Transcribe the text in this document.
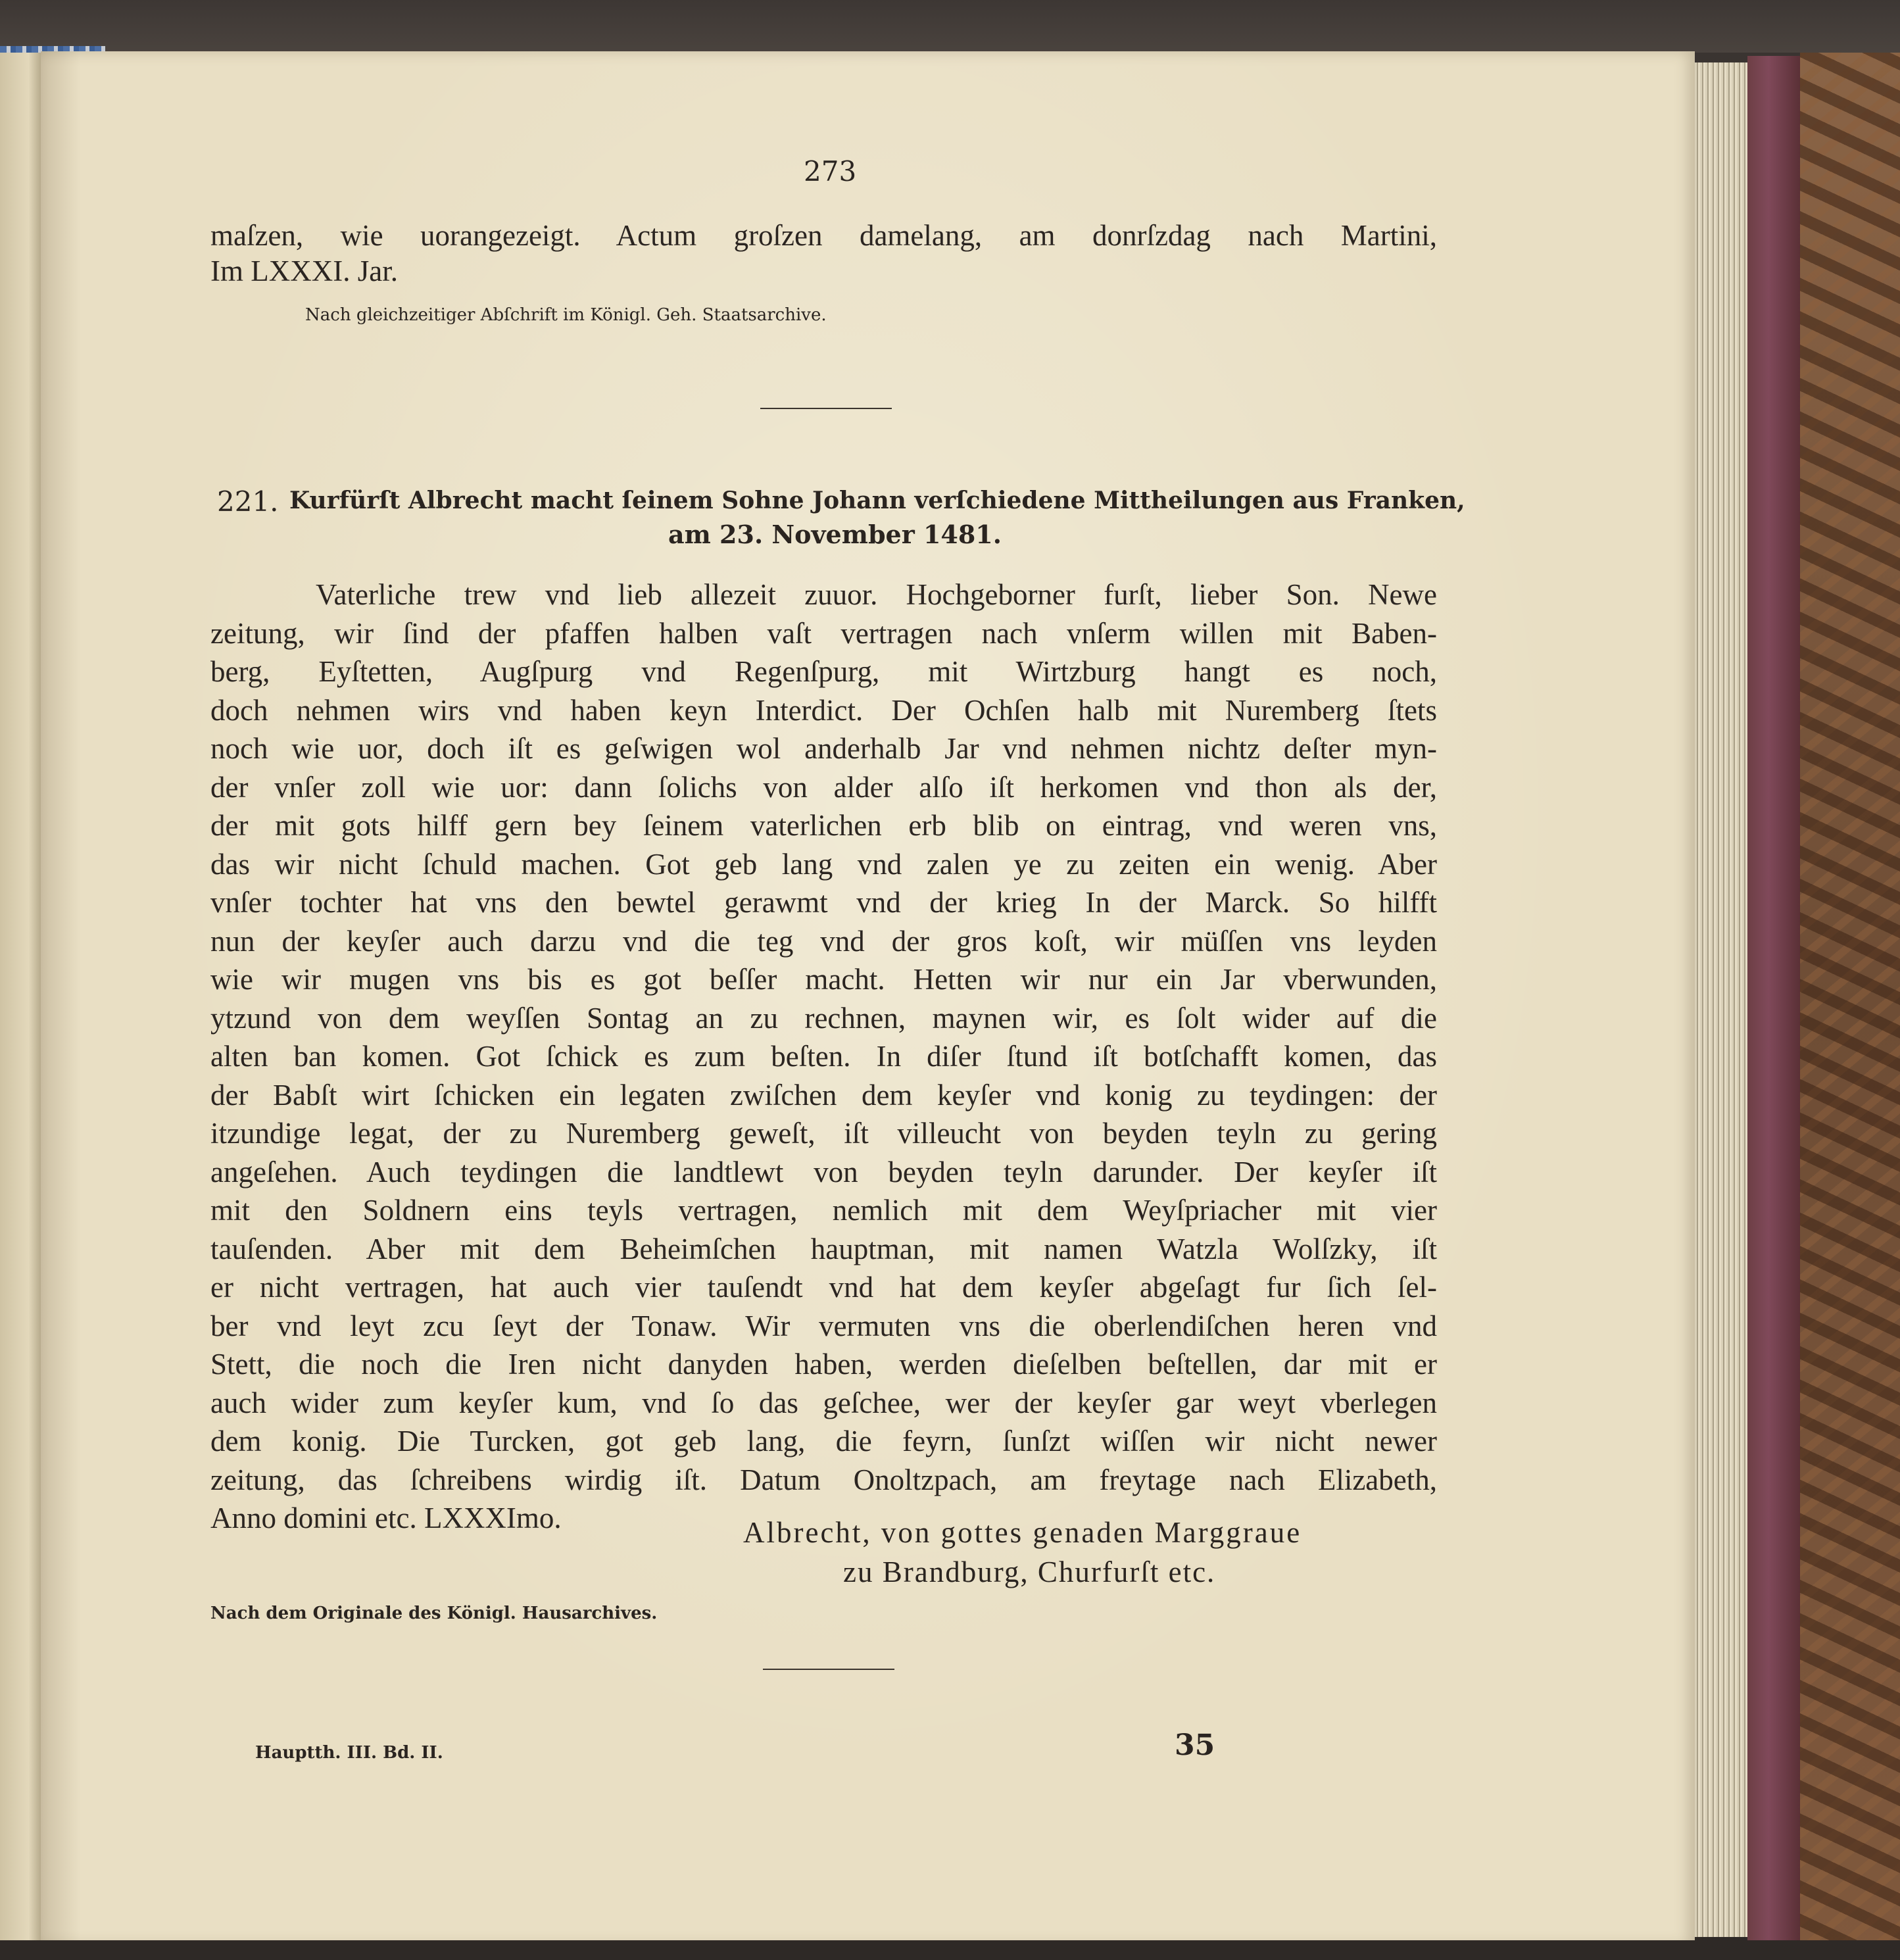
273
maſzen, wie uorangezeigt. Actum groſzen damelang, am donrſzdag nach Martini,
Im LXXXI. Jar.
Nach gleichzeitiger Abſchrift im Königl. Geh. Staatsarchive.
221. Kurfürſt Albrecht macht ſeinem Sohne Johann verſchiedene Mittheilungen aus Franken,
am 23. November 1481.
Vaterliche trew vnd lieb allezeit zuuor. Hochgeborner furſt, lieber Son. Newe
zeitung, wir ſind der pfaffen halben vaſt vertragen nach vnſerm willen mit Baben-
berg, Eyſtetten, Augſpurg vnd Regenſpurg, mit Wirtzburg hangt es noch,
doch nehmen wirs vnd haben keyn Interdict. Der Ochſen halb mit Nuremberg ſtets
noch wie uor, doch iſt es geſwigen wol anderhalb Jar vnd nehmen nichtz deſter myn-
der vnſer zoll wie uor: dann ſolichs von alder alſo iſt herkomen vnd thon als der,
der mit gots hilff gern bey ſeinem vaterlichen erb blib on eintrag, vnd weren vns,
das wir nicht ſchuld machen. Got geb lang vnd zalen ye zu zeiten ein wenig. Aber
vnſer tochter hat vns den bewtel gerawmt vnd der krieg In der Marck. So hilfft
nun der keyſer auch darzu vnd die teg vnd der gros koſt, wir müſſen vns leyden
wie wir mugen vns bis es got beſſer macht. Hetten wir nur ein Jar vberwunden,
ytzund von dem weyſſen Sontag an zu rechnen, maynen wir, es ſolt wider auf die
alten ban komen. Got ſchick es zum beſten. In diſer ſtund iſt botſchafft komen, das
der Babſt wirt ſchicken ein legaten zwiſchen dem keyſer vnd konig zu teydingen: der
itzundige legat, der zu Nuremberg geweſt, iſt villeucht von beyden teyln zu gering
angeſehen. Auch teydingen die landtlewt von beyden teyln darunder. Der keyſer iſt
mit den Soldnern eins teyls vertragen, nemlich mit dem Weyſpriacher mit vier
tauſenden. Aber mit dem Beheimſchen hauptman, mit namen Watzla Wolſzky, iſt
er nicht vertragen, hat auch vier tauſendt vnd hat dem keyſer abgeſagt fur ſich ſel-
ber vnd leyt zcu ſeyt der Tonaw. Wir vermuten vns die oberlendiſchen heren vnd
Stett, die noch die Iren nicht danyden haben, werden dieſelben beſtellen, dar mit er
auch wider zum keyſer kum, vnd ſo das geſchee, wer der keyſer gar weyt vberlegen
dem konig. Die Turcken, got geb lang, die feyrn, ſunſzt wiſſen wir nicht newer
zeitung, das ſchreibens wirdig iſt. Datum Onoltzpach, am freytage nach Elizabeth,
Anno domini etc. LXXXImo.	Albrecht, von gottes genaden Marggraue
zu Brandburg, Churfurſt etc.
Nach dem Originale des Königl. Hausarchives.
Hauptth. III. Bd. II.	35
